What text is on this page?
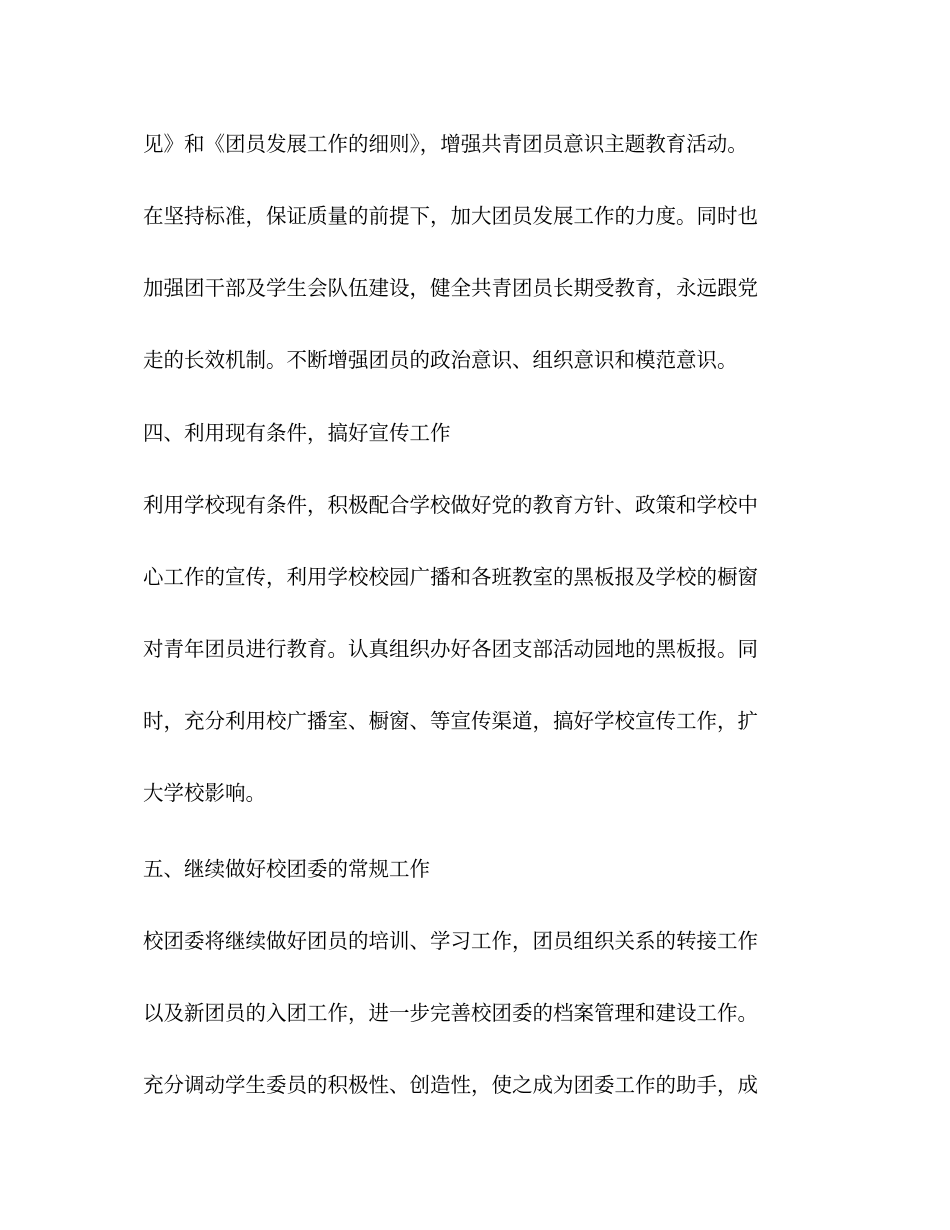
见》和《团员发展工作的细则》，增强共青团员意识主题教育活动。
在坚持标准，保证质量的前提下，加大团员发展工作的力度。同时也
加强团干部及学生会队伍建设，健全共青团员长期受教育，永远跟党
走的长效机制。不断增强团员的政治意识、组织意识和模范意识。
四、利用现有条件，搞好宣传工作
利用学校现有条件，积极配合学校做好党的教育方针、政策和学校中
心工作的宣传，利用学校校园广播和各班教室的黑板报及学校的橱窗
对青年团员进行教育。认真组织办好各团支部活动园地的黑板报。同
时，充分利用校广播室、橱窗、等宣传渠道，搞好学校宣传工作，扩
大学校影响。
五、继续做好校团委的常规工作
校团委将继续做好团员的培训、学习工作，团员组织关系的转接工作
以及新团员的入团工作，进一步完善校团委的档案管理和建设工作。
充分调动学生委员的积极性、创造性，使之成为团委工作的助手，成
